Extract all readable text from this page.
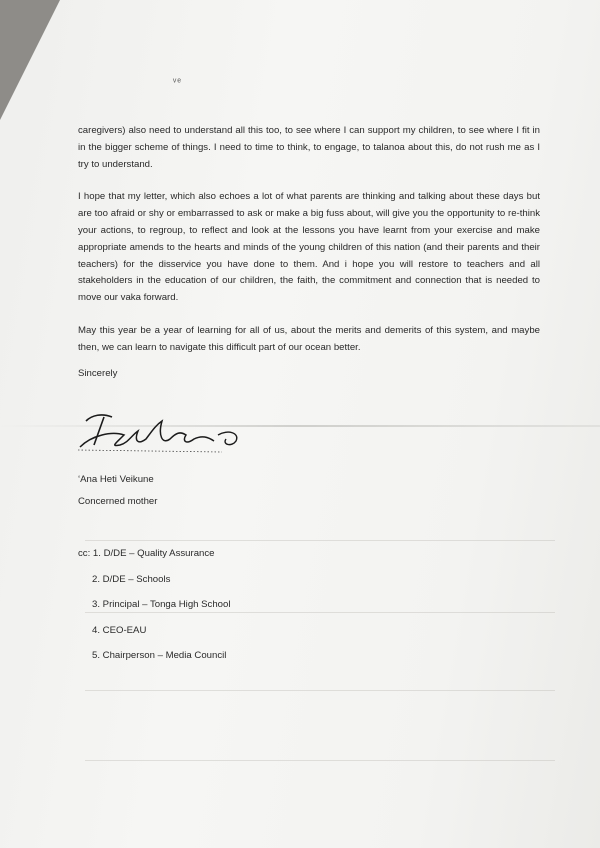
ᵛᵉ

caregivers) also need to understand all this too, to see where I can support my children, to see where I fit in in the bigger scheme of things. I need to time to think, to engage, to talanoa about this, do not rush me as I try to understand.

I hope that my letter, which also echoes a lot of what parents are thinking and talking about these days but are too afraid or shy or embarrassed to ask or make a big fuss about, will give you the opportunity to re-think your actions, to regroup, to reflect and look at the lessons you have learnt from your exercise and make appropriate amends to the hearts and minds of the young children of this nation (and their parents and their teachers) for the disservice you have done to them. And i hope you will restore to teachers and all stakeholders in the education of our children, the faith, the commitment and connection that is needed to move our vaka forward.

May this year be a year of learning for all of us, about the merits and demerits of this system, and maybe then, we can learn to navigate this difficult part of our ocean better.

Sincerely
‘Ana Heti Veikune
Concerned mother
cc: 1. D/DE – Quality Assurance
2. D/DE – Schools
3. Principal – Tonga High School
4. CEO-EAU
5. Chairperson – Media Council
